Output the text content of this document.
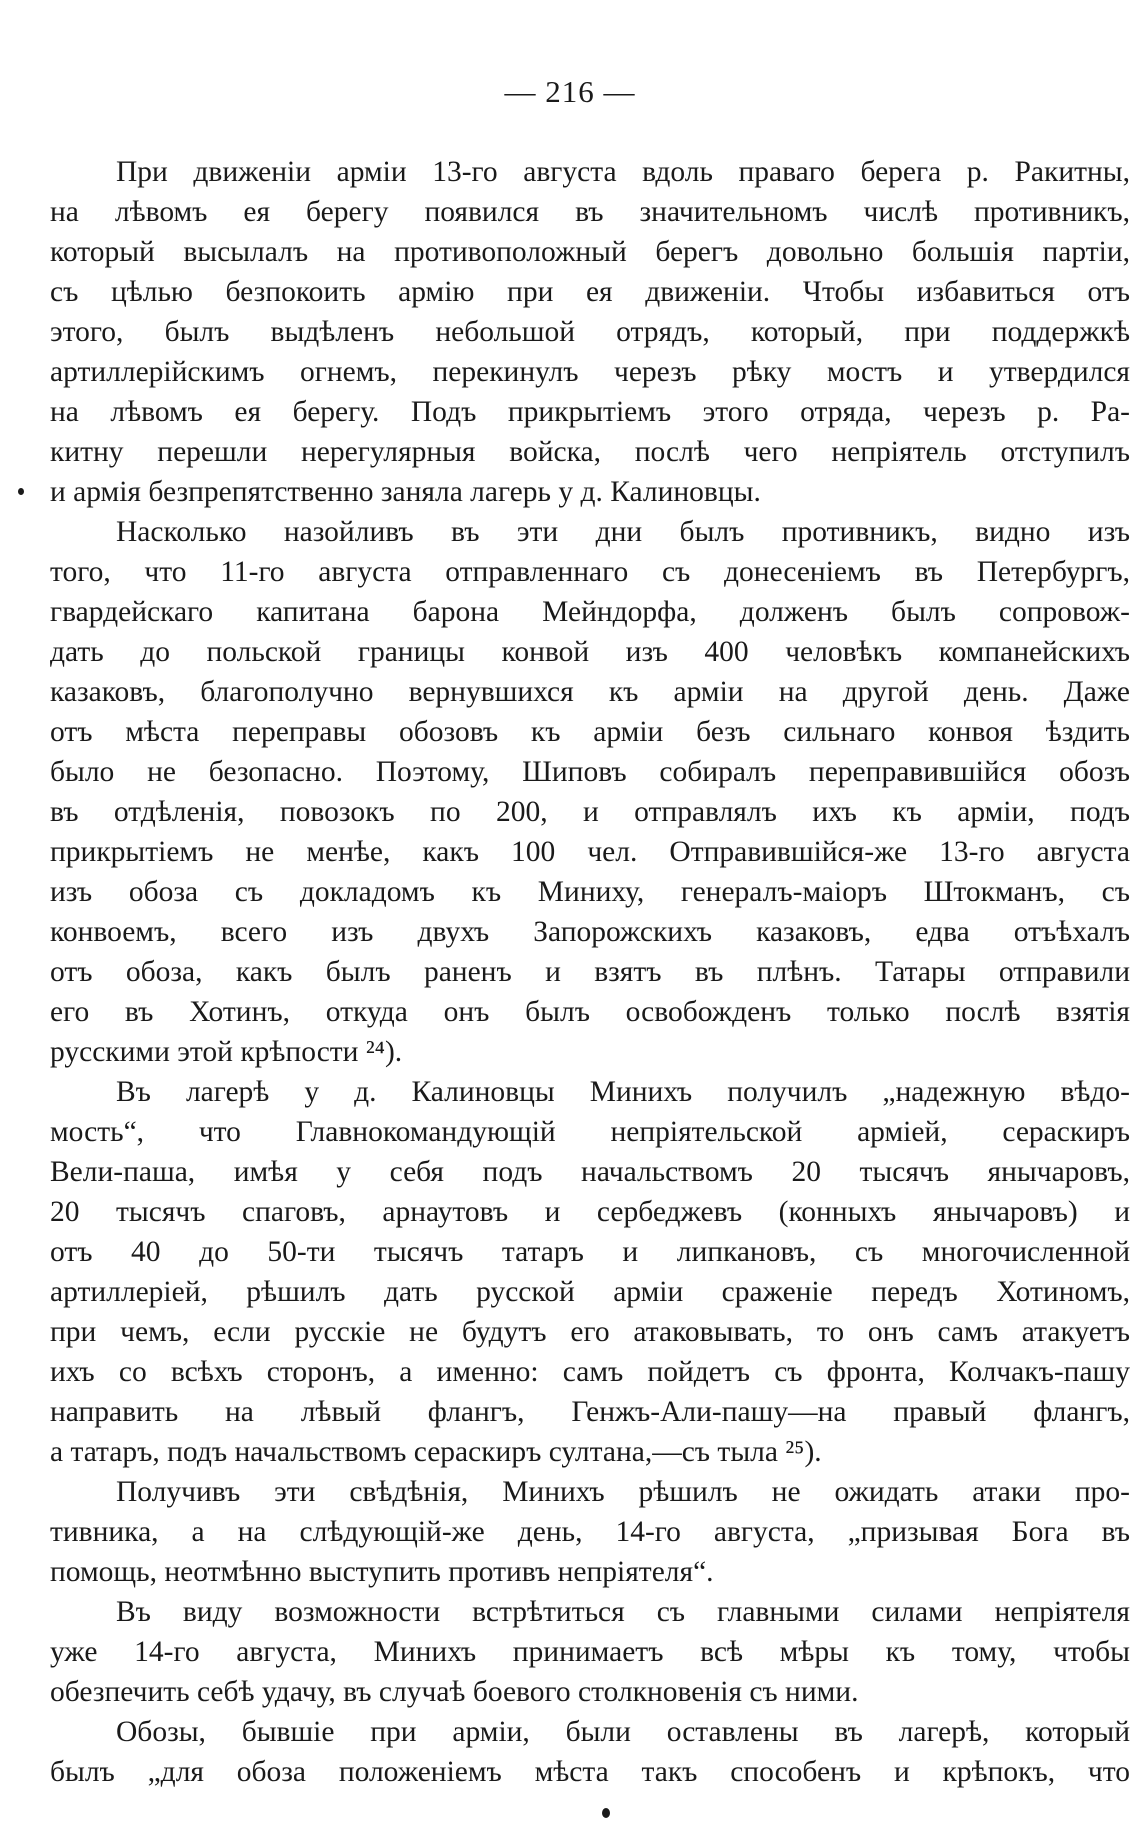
— 216 —
При движеніи арміи 13-го августа вдоль праваго берега р. Ракитны,
на лѣвомъ ея берегу появился въ значительномъ числѣ противникъ,
который высылалъ на противоположный берегъ довольно большія партіи,
съ цѣлью безпокоить армію при ея движеніи. Чтобы избавиться отъ
этого, былъ выдѣленъ небольшой отрядъ, который, при поддержкѣ
артиллерійскимъ огнемъ, перекинулъ черезъ рѣку мостъ и утвердился
на лѣвомъ ея берегу. Подъ прикрытіемъ этого отряда, черезъ р. Ра-
китну перешли нерегулярныя войска, послѣ чего непріятель отступилъ
и армія безпрепятственно заняла лагерь у д. Калиновцы.
Насколько назойливъ въ эти дни былъ противникъ, видно изъ
того, что 11-го августа отправленнаго съ донесеніемъ въ Петербургъ,
гвардейскаго капитана барона Мейндорфа, долженъ былъ сопровож-
дать до польской границы конвой изъ 400 человѣкъ компанейскихъ
казаковъ, благополучно вернувшихся къ арміи на другой день. Даже
отъ мѣста переправы обозовъ къ арміи безъ сильнаго конвоя ѣздить
было не безопасно. Поэтому, Шиповъ собиралъ переправившійся обозъ
въ отдѣленія, повозокъ по 200, и отправлялъ ихъ къ арміи, подъ
прикрытіемъ не менѣе, какъ 100 чел. Отправившійся-же 13-го августа
изъ обоза съ докладомъ къ Миниху, генералъ-маіоръ Штокманъ, съ
конвоемъ, всего изъ двухъ Запорожскихъ казаковъ, едва отъѣхалъ
отъ обоза, какъ былъ раненъ и взятъ въ плѣнъ. Татары отправили
его въ Хотинъ, откуда онъ былъ освобожденъ только послѣ взятія
русскими этой крѣпости ²⁴).
Въ лагерѣ у д. Калиновцы Минихъ получилъ „надежную вѣдо-
мость“, что Главнокомандующій непріятельской арміей, сераскиръ
Вели-паша, имѣя у себя подъ начальствомъ 20 тысячъ янычаровъ,
20 тысячъ спаговъ, арнаутовъ и сербеджевъ (конныхъ янычаровъ) и
отъ 40 до 50-ти тысячъ татаръ и липкановъ, съ многочисленной
артиллеріей, рѣшилъ дать русской арміи сраженіе передъ Хотиномъ,
при чемъ, если русскіе не будутъ его атаковывать, то онъ самъ атакуетъ
ихъ со всѣхъ сторонъ, а именно: самъ пойдетъ съ фронта, Колчакъ-пашу
направить на лѣвый флангъ, Генжъ-Али-пашу—на правый флангъ,
а татаръ, подъ начальствомъ сераскиръ султана,—съ тыла ²⁵).
Получивъ эти свѣдѣнія, Минихъ рѣшилъ не ожидать атаки про-
тивника, а на слѣдующій-же день, 14-го августа, „призывая Бога въ
помощь, неотмѣнно выступить противъ непріятеля“.
Въ виду возможности встрѣтиться съ главными силами непріятеля
уже 14-го августа, Минихъ принимаетъ всѣ мѣры къ тому, чтобы
обезпечить себѣ удачу, въ случаѣ боевого столкновенія съ ними.
Обозы, бывшіе при арміи, были оставлены въ лагерѣ, который
былъ „для обоза положеніемъ мѣста такъ способенъ и крѣпокъ, что
